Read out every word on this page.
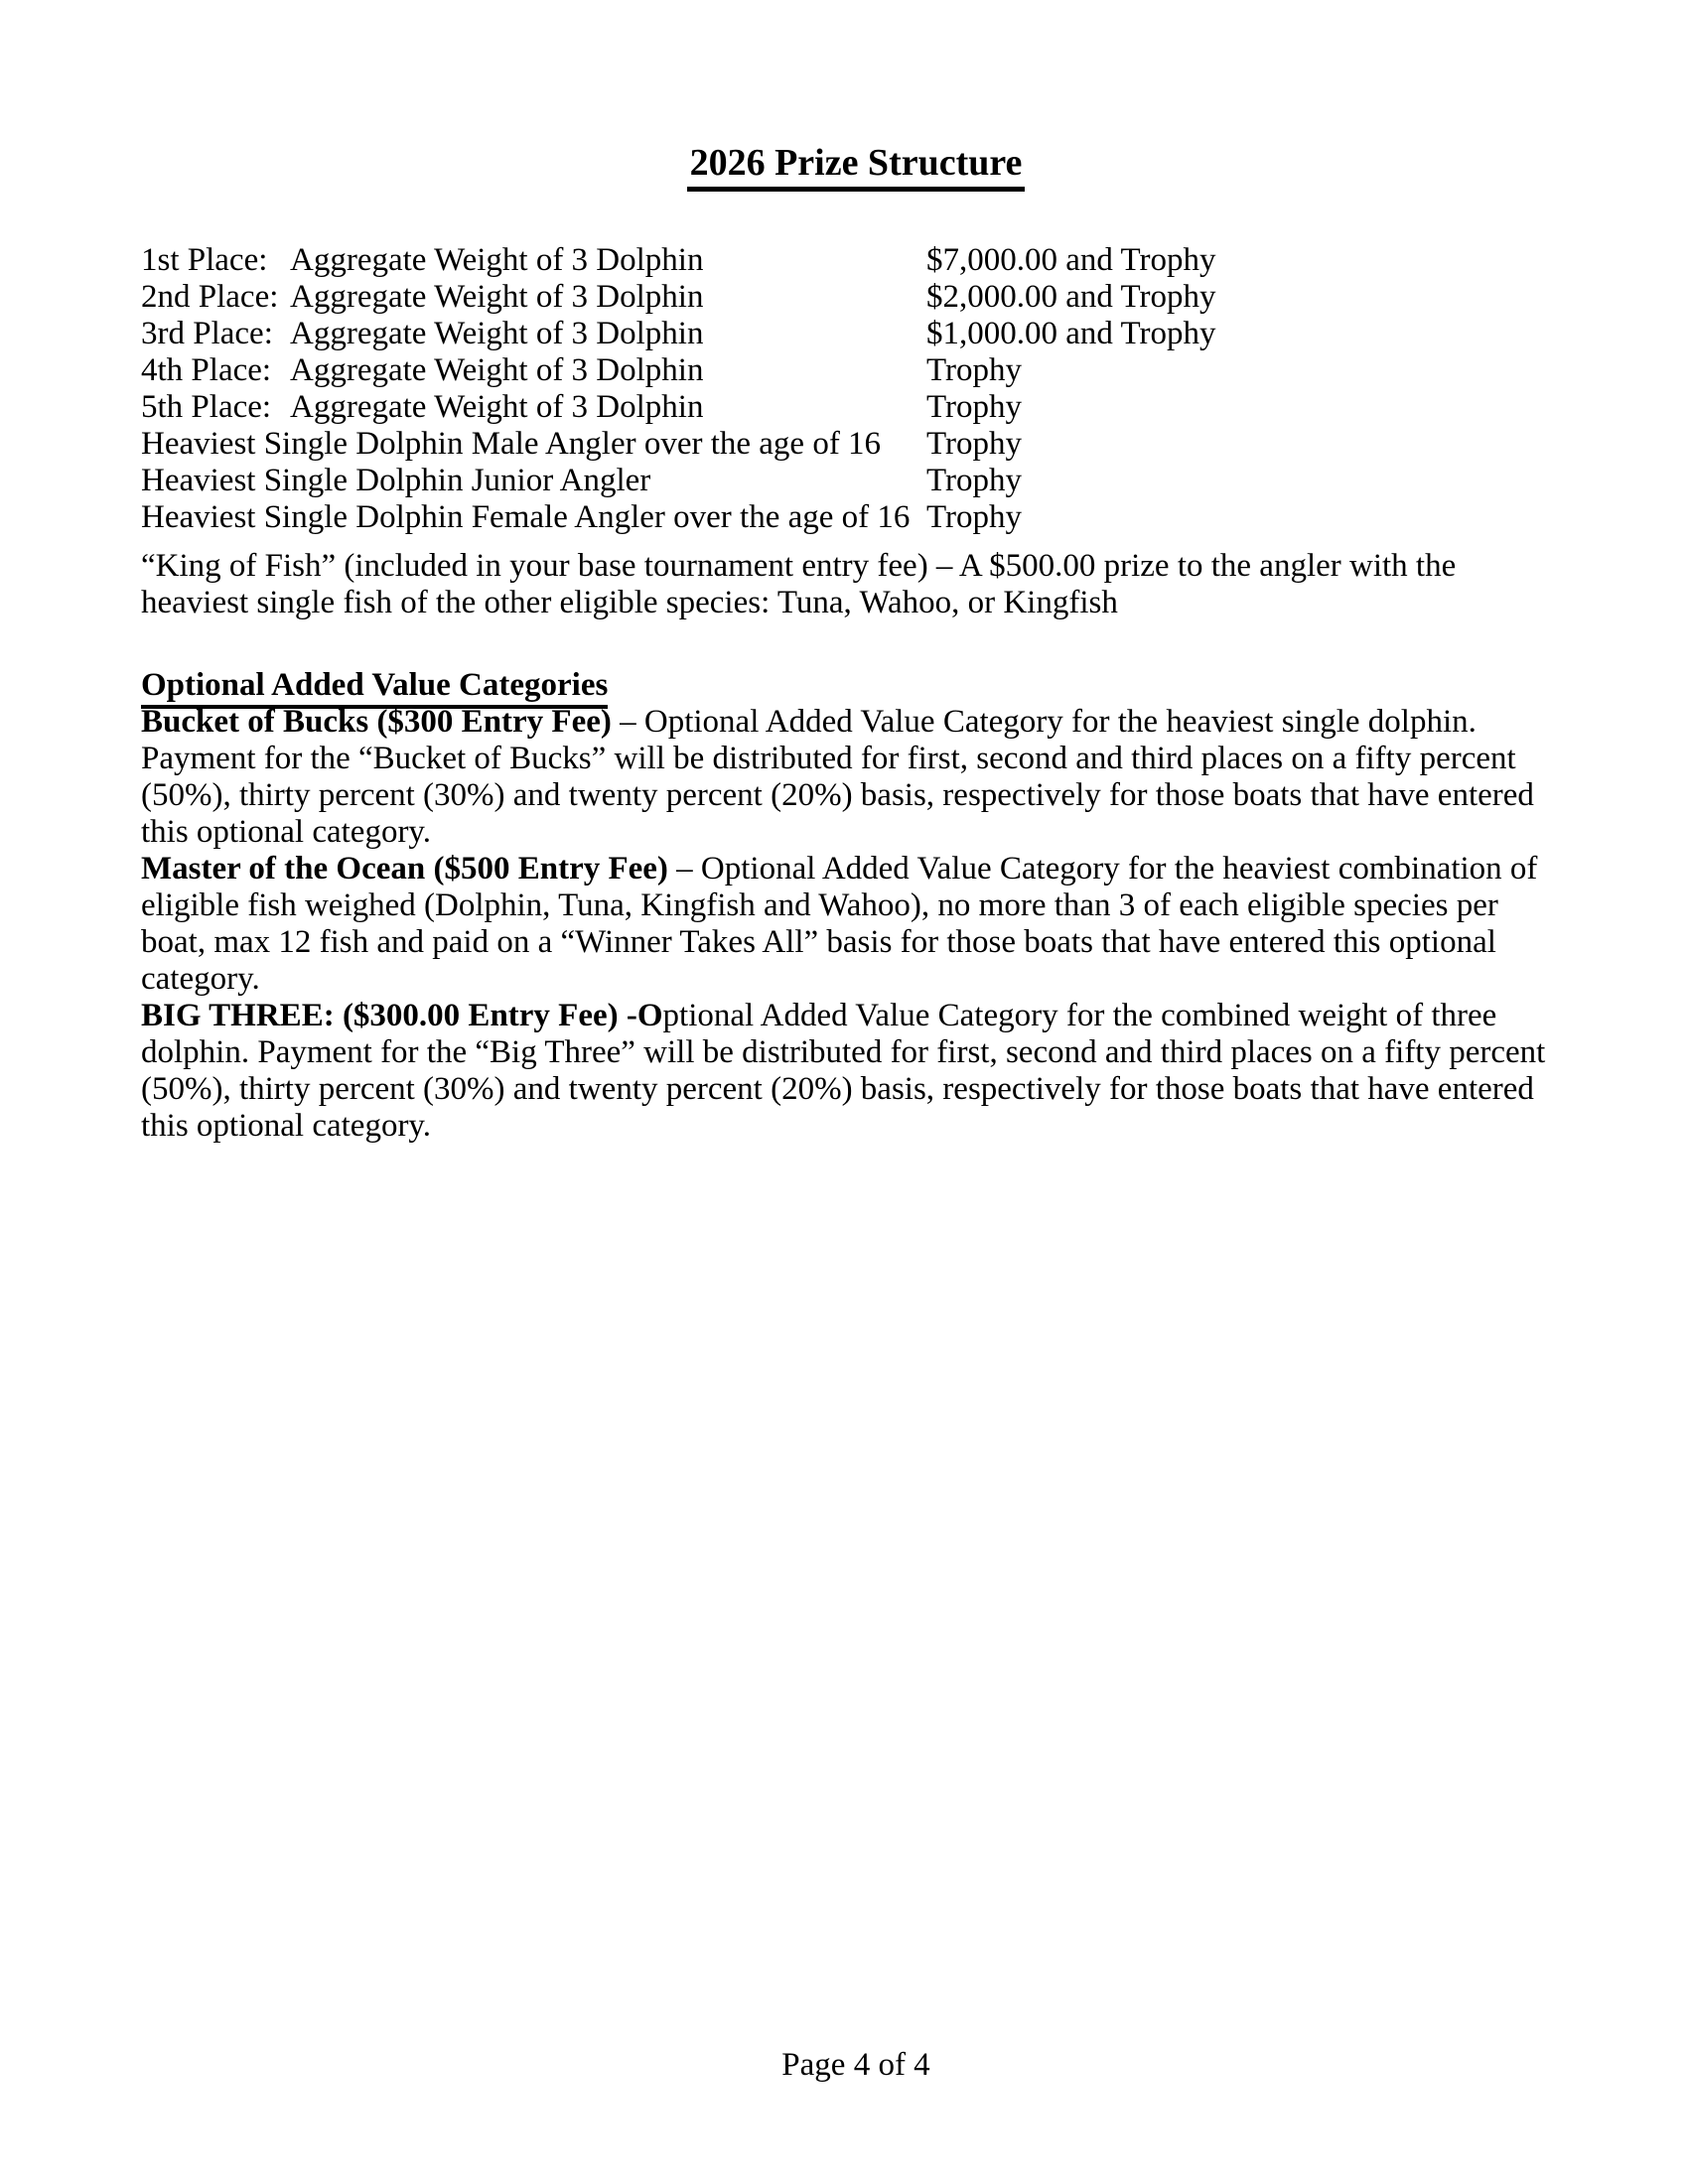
2026 Prize Structure
1st Place: Aggregate Weight of 3 Dolphin	$7,000.00 and Trophy
2nd Place: Aggregate Weight of 3 Dolphin	$2,000.00 and Trophy
3rd Place: Aggregate Weight of 3 Dolphin	$1,000.00 and Trophy
4th Place: Aggregate Weight of 3 Dolphin	Trophy
5th Place: Aggregate Weight of 3 Dolphin	Trophy
Heaviest Single Dolphin Male Angler over the age of 16 Trophy
Heaviest Single Dolphin Junior Angler	Trophy
Heaviest Single Dolphin Female Angler over the age of 16 Trophy

“King of Fish” (included in your base tournament entry fee) – A $500.00 prize to the angler with the heaviest single fish of the other eligible species: Tuna, Wahoo, or Kingfish

Optional Added Value Categories

Bucket of Bucks ($300 Entry Fee) – Optional Added Value Category for the heaviest single dolphin. Payment for the “Bucket of Bucks” will be distributed for first, second and third places on a fifty percent (50%), thirty percent (30%) and twenty percent (20%) basis, respectively for those boats that have entered this optional category.

Master of the Ocean ($500 Entry Fee) – Optional Added Value Category for the heaviest combination of eligible fish weighed (Dolphin, Tuna, Kingfish and Wahoo), no more than 3 of each eligible species per boat, max 12 fish and paid on a “Winner Takes All” basis for those boats that have entered this optional category.

BIG THREE: ($300.00 Entry Fee) -Optional Added Value Category for the combined weight of three dolphin. Payment for the “Big Three” will be distributed for first, second and third places on a fifty percent (50%), thirty percent (30%) and twenty percent (20%) basis, respectively for those boats that have entered this optional category.

Page 4 of 4
